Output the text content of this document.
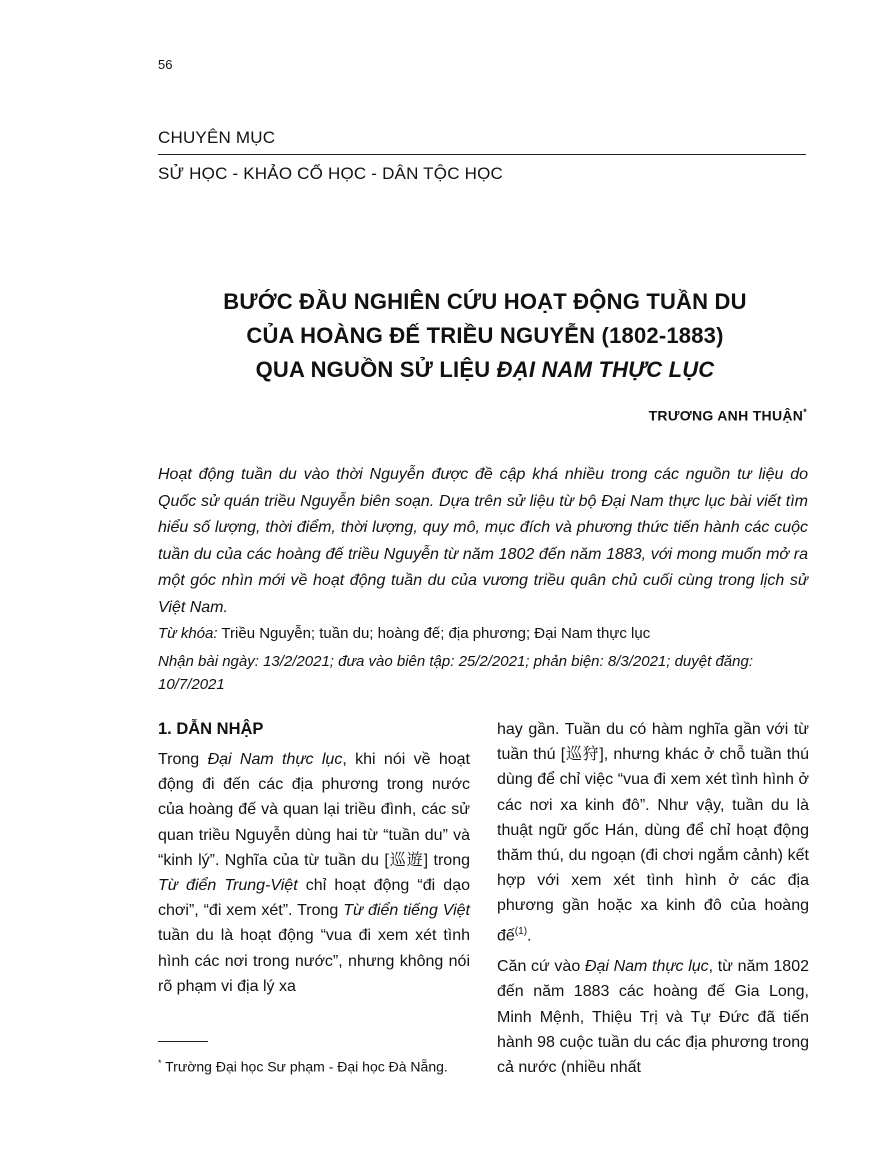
56
CHUYÊN MỤC
SỬ HỌC - KHẢO CỔ HỌC - DÂN TỘC HỌC
BƯỚC ĐẦU NGHIÊN CỨU HOẠT ĐỘNG TUẦN DU
CỦA HOÀNG ĐẾ TRIỀU NGUYỄN (1802-1883)
QUA NGUỒN SỬ LIỆU ĐẠI NAM THỰC LỤC
TRƯƠNG ANH THUẬN*

Hoạt động tuần du vào thời Nguyễn được đề cập khá nhiều trong các nguồn tư liệu do Quốc sử quán triều Nguyễn biên soạn. Dựa trên sử liệu từ bộ Đại Nam thực lục bài viết tìm hiểu số lượng, thời điểm, thời lượng, quy mô, mục đích và phương thức tiến hành các cuộc tuần du của các hoàng đế triều Nguyễn từ năm 1802 đến năm 1883, với mong muốn mở ra một góc nhìn mới về hoạt động tuần du của vương triều quân chủ cuối cùng trong lịch sử Việt Nam.

Từ khóa: Triều Nguyễn; tuần du; hoàng đế; địa phương; Đại Nam thực lục

Nhận bài ngày: 13/2/2021; đưa vào biên tập: 25/2/2021; phản biện: 8/3/2021; duyệt đăng: 10/7/2021

1. DẪN NHẬP

Trong Đại Nam thực lục, khi nói về hoạt động đi đến các địa phương trong nước của hoàng đế và quan lại triều đình, các sử quan triều Nguyễn dùng hai từ “tuần du” và “kinh lý”. Nghĩa của từ tuần du [巡遊] trong Từ điển Trung-Việt chỉ hoạt động “đi dạo chơi”, “đi xem xét”. Trong Từ điển tiếng Việt tuần du là hoạt động “vua đi xem xét tình hình các nơi trong nước”, nhưng không nói rõ phạm vi địa lý xa

hay gần. Tuần du có hàm nghĩa gần với từ tuần thú [巡狩], nhưng khác ở chỗ tuần thú dùng để chỉ việc “vua đi xem xét tình hình ở các nơi xa kinh đô”. Như vậy, tuần du là thuật ngữ gốc Hán, dùng để chỉ hoạt động thăm thú, du ngoạn (đi chơi ngắm cảnh) kết hợp với xem xét tình hình ở các địa phương gần hoặc xa kinh đô của hoàng đế$^{(1)}$.

Căn cứ vào Đại Nam thực lục, từ năm 1802 đến năm 1883 các hoàng đế Gia Long, Minh Mệnh, Thiệu Trị và Tự Đức đã tiến hành 98 cuộc tuần du các địa phương trong cả nước (nhiều nhất

* Trường Đại học Sư phạm - Đại học Đà Nẵng.
